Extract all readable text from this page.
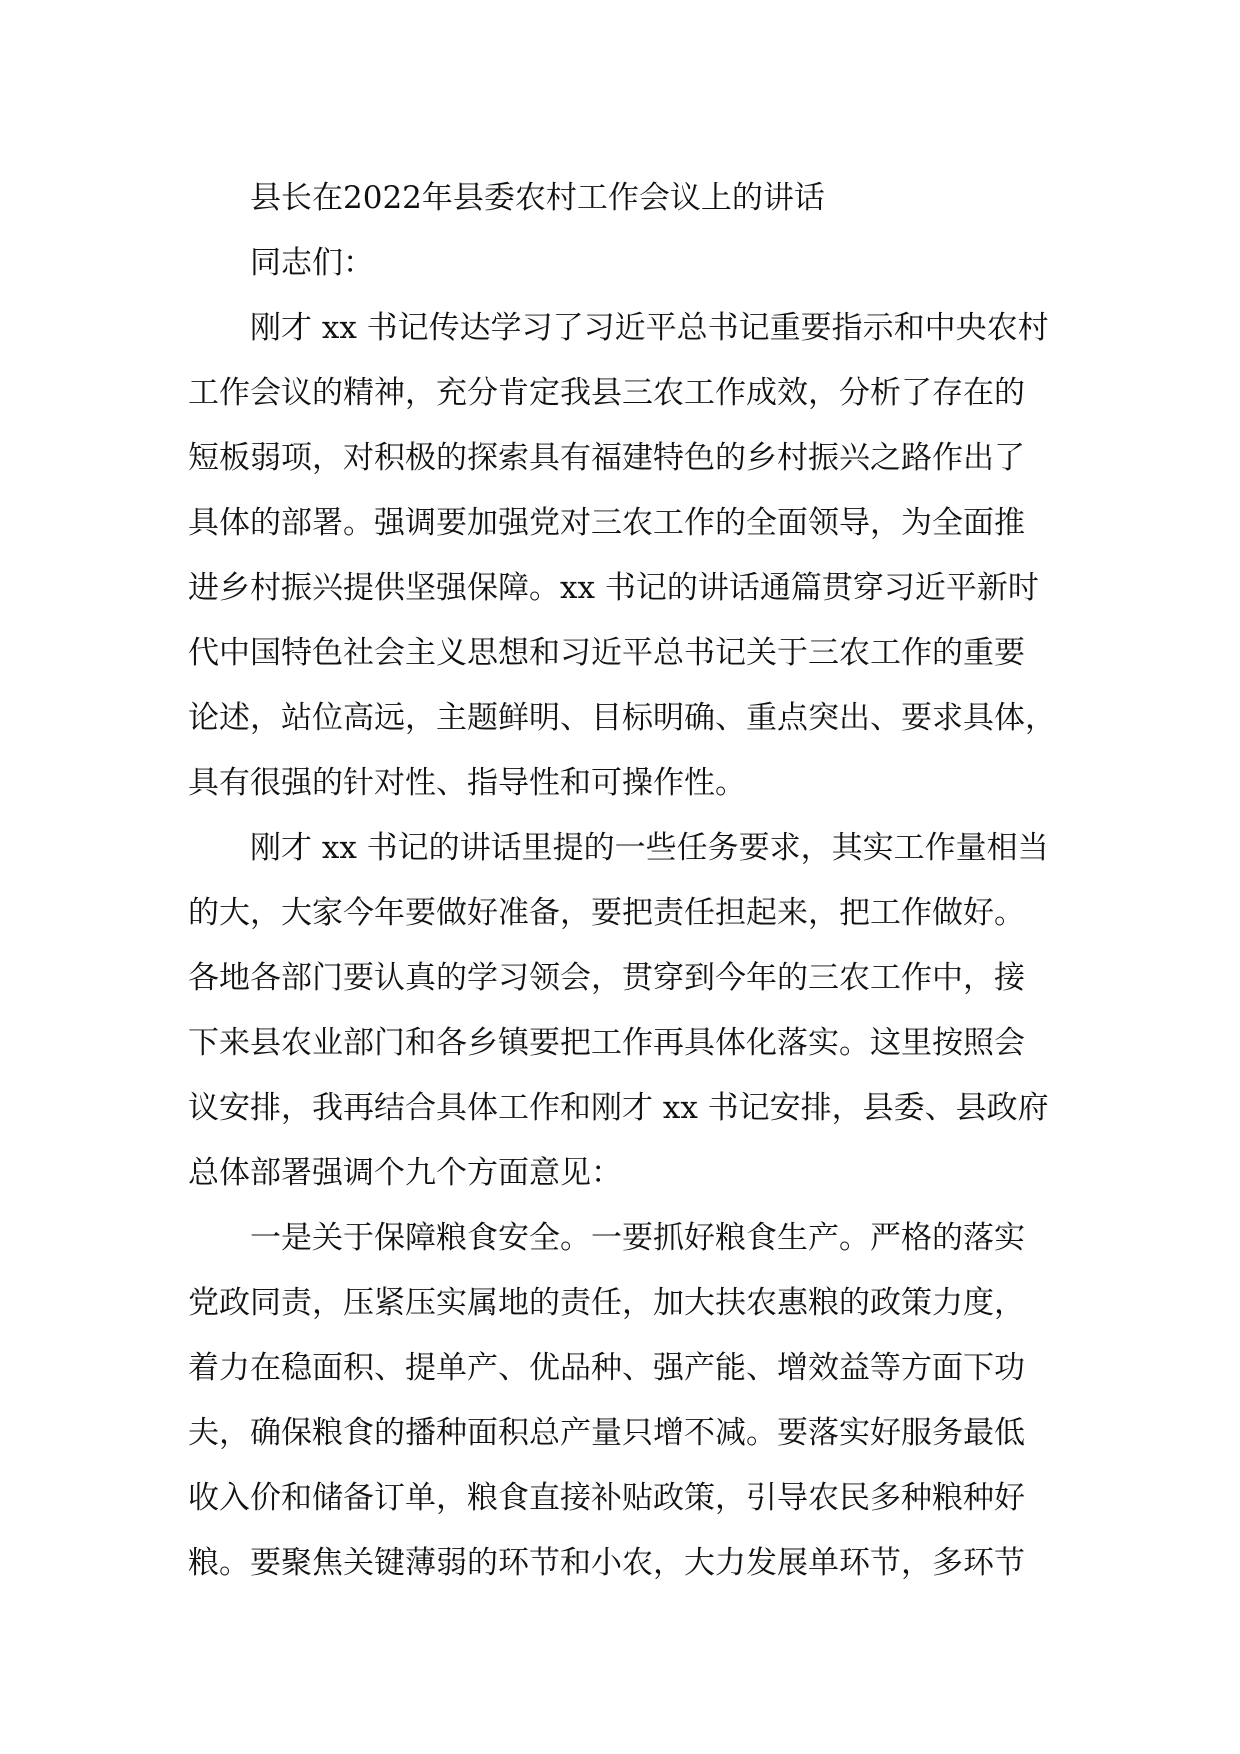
县长在2022年县委农村工作会议上的讲话
同志们：
刚才 xx 书记传达学习了习近平总书记重要指示和中央农村
工作会议的精神，充分肯定我县三农工作成效，分析了存在的
短板弱项，对积极的探索具有福建特色的乡村振兴之路作出了
具体的部署。强调要加强党对三农工作的全面领导，为全面推
进乡村振兴提供坚强保障。xx 书记的讲话通篇贯穿习近平新时
代中国特色社会主义思想和习近平总书记关于三农工作的重要
论述，站位高远，主题鲜明、目标明确、重点突出、要求具体，
具有很强的针对性、指导性和可操作性。
刚才 xx 书记的讲话里提的一些任务要求，其实工作量相当
的大，大家今年要做好准备，要把责任担起来，把工作做好。
各地各部门要认真的学习领会，贯穿到今年的三农工作中，接
下来县农业部门和各乡镇要把工作再具体化落实。这里按照会
议安排，我再结合具体工作和刚才 xx 书记安排，县委、县政府
总体部署强调个九个方面意见：
一是关于保障粮食安全。一要抓好粮食生产。严格的落实
党政同责，压紧压实属地的责任，加大扶农惠粮的政策力度，
着力在稳面积、提单产、优品种、强产能、增效益等方面下功
夫，确保粮食的播种面积总产量只增不减。要落实好服务最低
收入价和储备订单，粮食直接补贴政策，引导农民多种粮种好
粮。要聚焦关键薄弱的环节和小农，大力发展单环节，多环节
